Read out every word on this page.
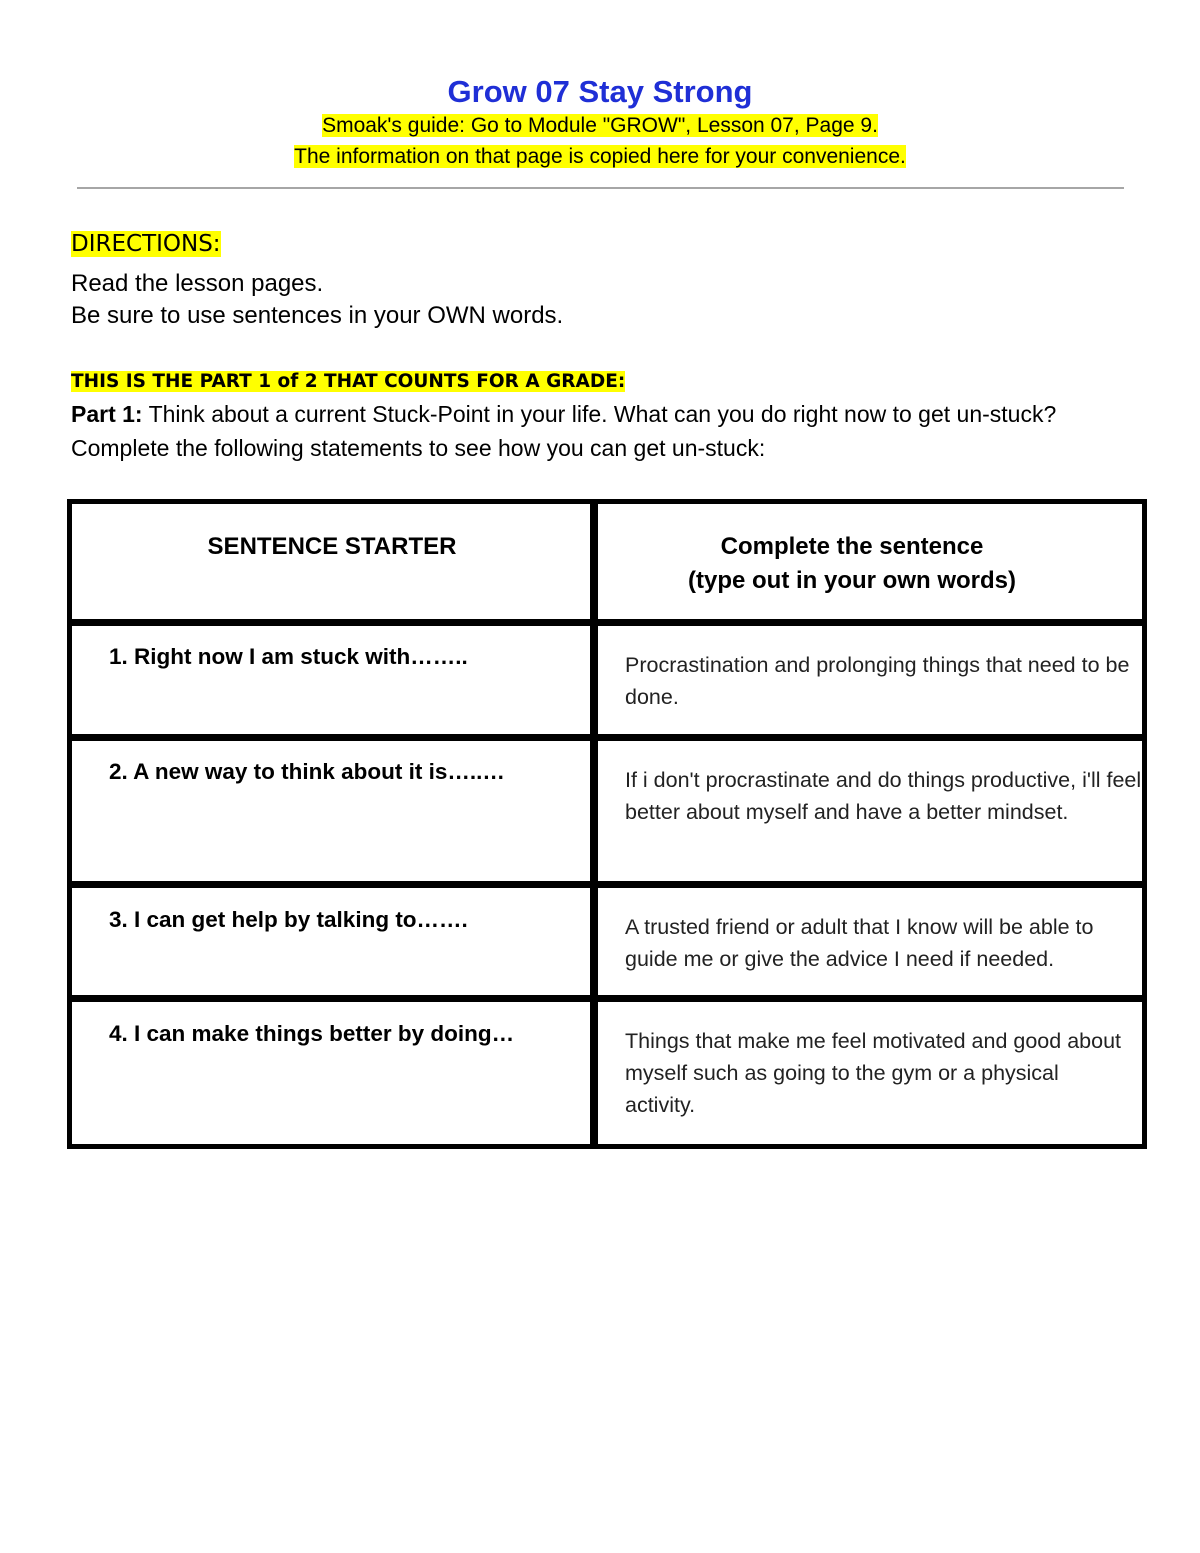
Grow 07 Stay Strong
Smoak's guide: Go to Module "GROW", Lesson 07, Page 9.
The information on that page is copied here for your convenience.
DIRECTIONS:
Read the lesson pages.
Be sure to use sentences in your OWN words.
THIS IS THE PART 1 of 2 THAT COUNTS FOR A GRADE:
Part 1: Think about a current Stuck-Point in your life. What can you do right now to get un-stuck? Complete the following statements to see how you can get un-stuck:
SENTENCE STARTER	Complete the sentence
(type out in your own words)
1. Right now I am stuck with……..	Procrastination and prolonging things that need to be done.
2. A new way to think about it is…..…	If i don't procrastinate and do things productive, i'll feel better about myself and have a better mindset.
3. I can get help by talking to…….	A trusted friend or adult that I know will be able to guide me or give the advice I need if needed.
4. I can make things better by doing…	Things that make me feel motivated and good about myself such as going to the gym or a physical activity.
